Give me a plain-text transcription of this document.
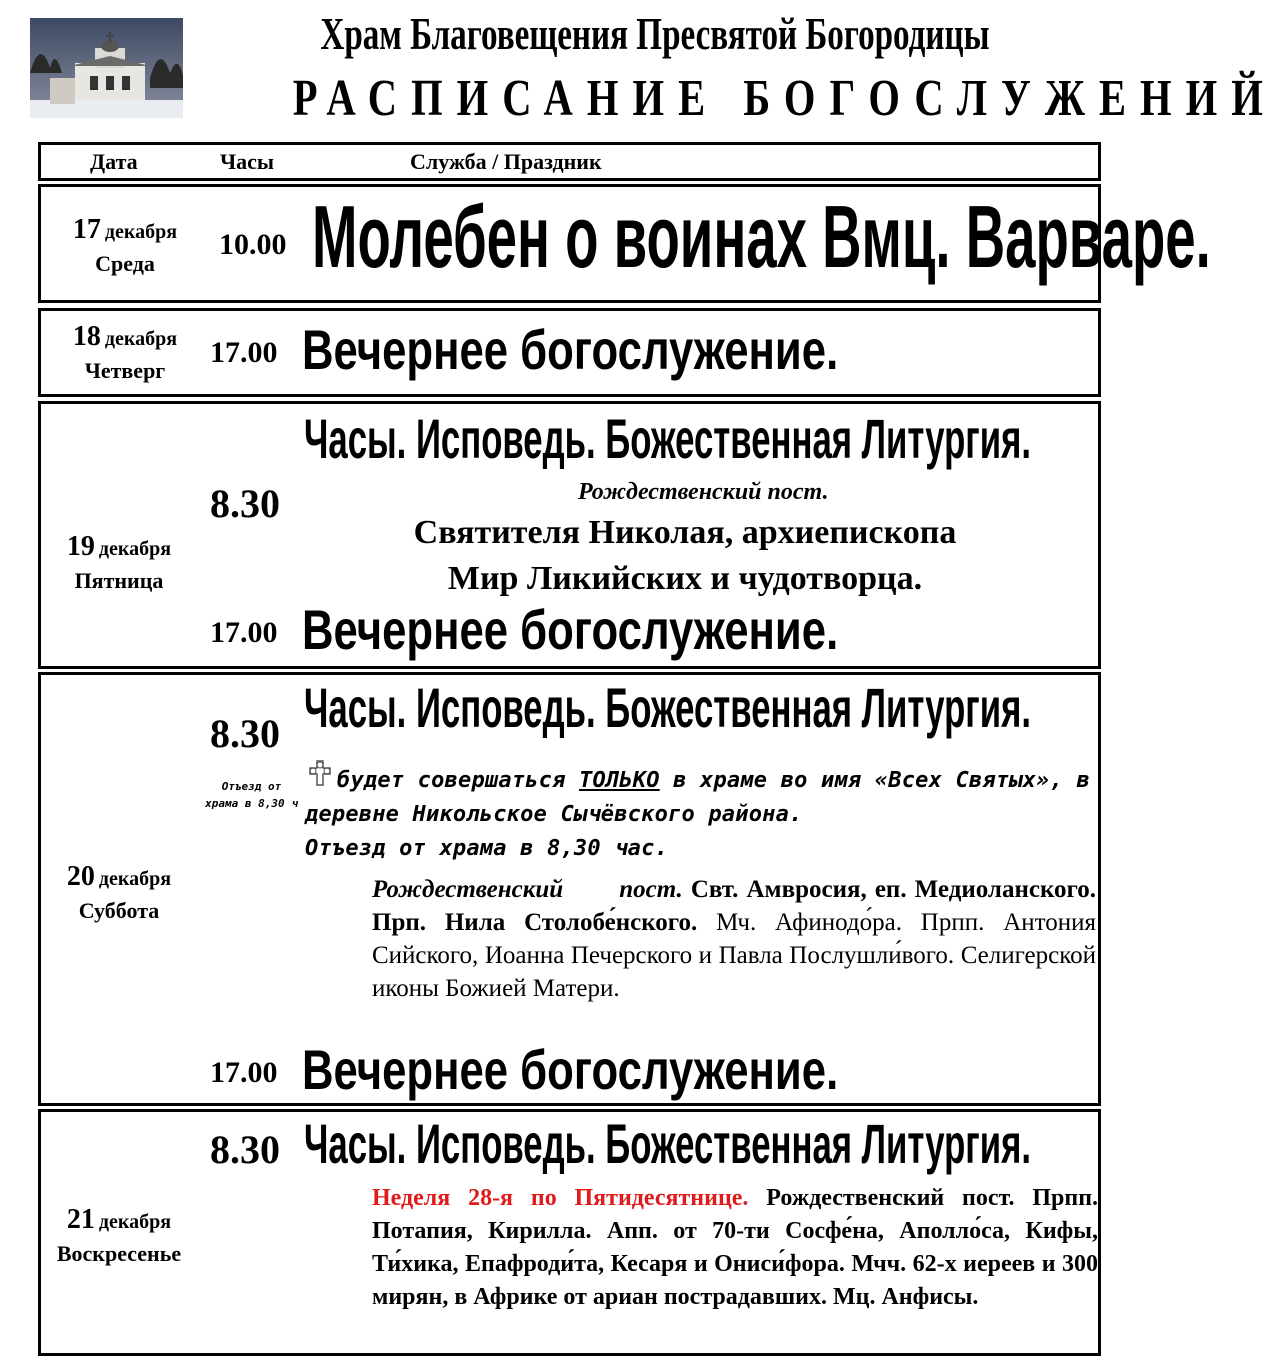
Храм Благовещения Пресвятой Богородицы
РАСПИСАНИЕ БОГОСЛУЖЕНИЙ
Дата	Часы	Служба / Праздник
17 декабря
Среда
10.00 Молебен о воинах Вмц. Варваре.
18 декабря
Четверг
17.00 Вечернее богослужение.
19 декабря
Пятница
8.30
Часы. Исповедь. Божественная Литургия.
Рождественский пост.
Святителя Николая, архиепископа
Мир Ликийских и чудотворца.
17.00 Вечернее богослужение.
20 декабря
Суббота
8.30
Отъезд от храма в 8,30 ч
Часы. Исповедь. Божественная Литургия.
будет совершаться ТОЛЬКО в храме во имя «Всех Святых», в деревне Никольское Сычёвского района.
Отъезд от храма в 8,30 час.
Рождественский пост. Свт. Амвросия, еп. Медиоланского. Прп. Нила Столобе́нского. Мч. Афинодо́ра. Прпп. Антония Сийского, Иоанна Печерского и Павла Послушли́вого. Селигерской иконы Божией Матери.
17.00 Вечернее богослужение.
21 декабря
Воскресенье
8.30 Часы. Исповедь. Божественная Литургия.
Неделя 28-я по Пятидесятнице. Рождественский пост. Прпп. Потапия, Кирилла. Апп. от 70-ти Сосфе́на, Аполло́са, Кифы, Ти́хика, Епафроди́та, Кесаря и Ониси́фора. Мчч. 62-х иереев и 300 мирян, в Африке от ариан пострадавших. Мц. Анфисы.
